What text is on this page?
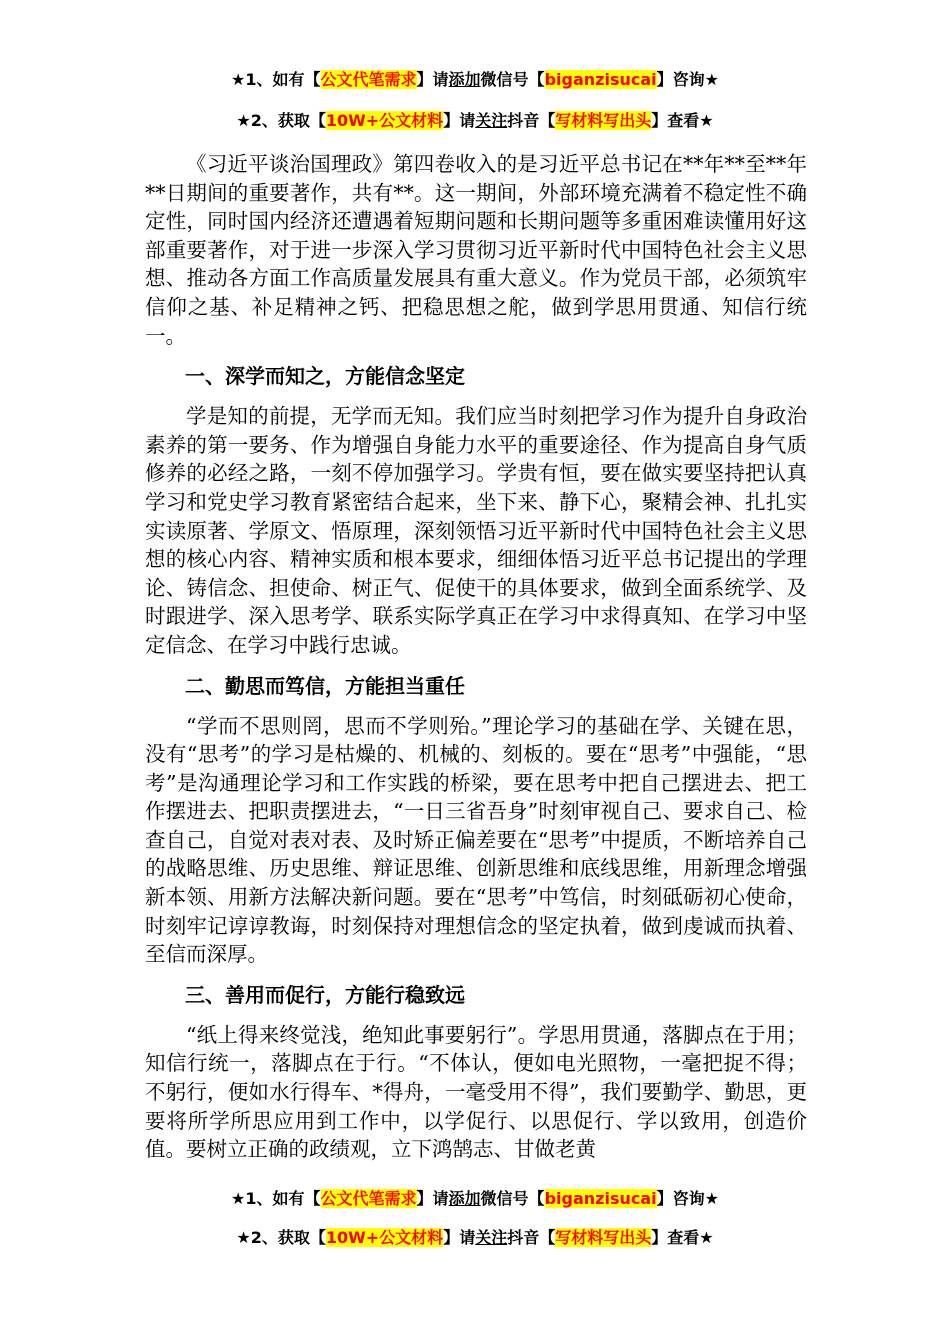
★1、如有【公文代笔需求】请添加微信号【biganzisucai】咨询★
★2、获取【10W+公文材料】请关注抖音【写材料写出头】查看★

《习近平谈治国理政》第四卷收入的是习近平总书记在**年**至**年**日期间的重要著作，共有**。这一期间，外部环境充满着不稳定性不确定性，同时国内经济还遭遇着短期问题和长期问题等多重困难读懂用好这部重要著作，对于进一步深入学习贯彻习近平新时代中国特色社会主义思想、推动各方面工作高质量发展具有重大意义。作为党员干部，必须筑牢信仰之基、补足精神之钙、把稳思想之舵，做到学思用贯通、知信行统一。

一、深学而知之，方能信念坚定

学是知的前提，无学而无知。我们应当时刻把学习作为提升自身政治素养的第一要务、作为增强自身能力水平的重要途径、作为提高自身气质修养的必经之路，一刻不停加强学习。学贵有恒，要在做实要坚持把认真学习和党史学习教育紧密结合起来，坐下来、静下心，聚精会神、扎扎实实读原著、学原文、悟原理，深刻领悟习近平新时代中国特色社会主义思想的核心内容、精神实质和根本要求，细细体悟习近平总书记提出的学理论、铸信念、担使命、树正气、促使干的具体要求，做到全面系统学、及时跟进学、深入思考学、联系实际学真正在学习中求得真知、在学习中坚定信念、在学习中践行忠诚。

二、勤思而笃信，方能担当重任

“学而不思则罔，思而不学则殆。”理论学习的基础在学、关键在思，没有“思考”的学习是枯燥的、机械的、刻板的。要在“思考”中强能，“思考”是沟通理论学习和工作实践的桥梁，要在思考中把自己摆进去、把工作摆进去、把职责摆进去，“一日三省吾身”时刻审视自己、要求自己、检查自己，自觉对表对表、及时矫正偏差要在“思考”中提质，不断培养自己的战略思维、历史思维、辩证思维、创新思维和底线思维，用新理念增强新本领、用新方法解决新问题。要在“思考”中笃信，时刻砥砺初心使命，时刻牢记谆谆教诲，时刻保持对理想信念的坚定执着，做到虔诚而执着、至信而深厚。

三、善用而促行，方能行稳致远

“纸上得来终觉浅，绝知此事要躬行”。学思用贯通，落脚点在于用；知信行统一，落脚点在于行。“不体认，便如电光照物，一毫把捉不得；不躬行，便如水行得车、*得舟，一毫受用不得”，我们要勤学、勤思，更要将所学所思应用到工作中，以学促行、以思促行、学以致用，创造价值。要树立正确的政绩观，立下鸿鹄志、甘做老黄

★1、如有【公文代笔需求】请添加微信号【biganzisucai】咨询★
★2、获取【10W+公文材料】请关注抖音【写材料写出头】查看★
